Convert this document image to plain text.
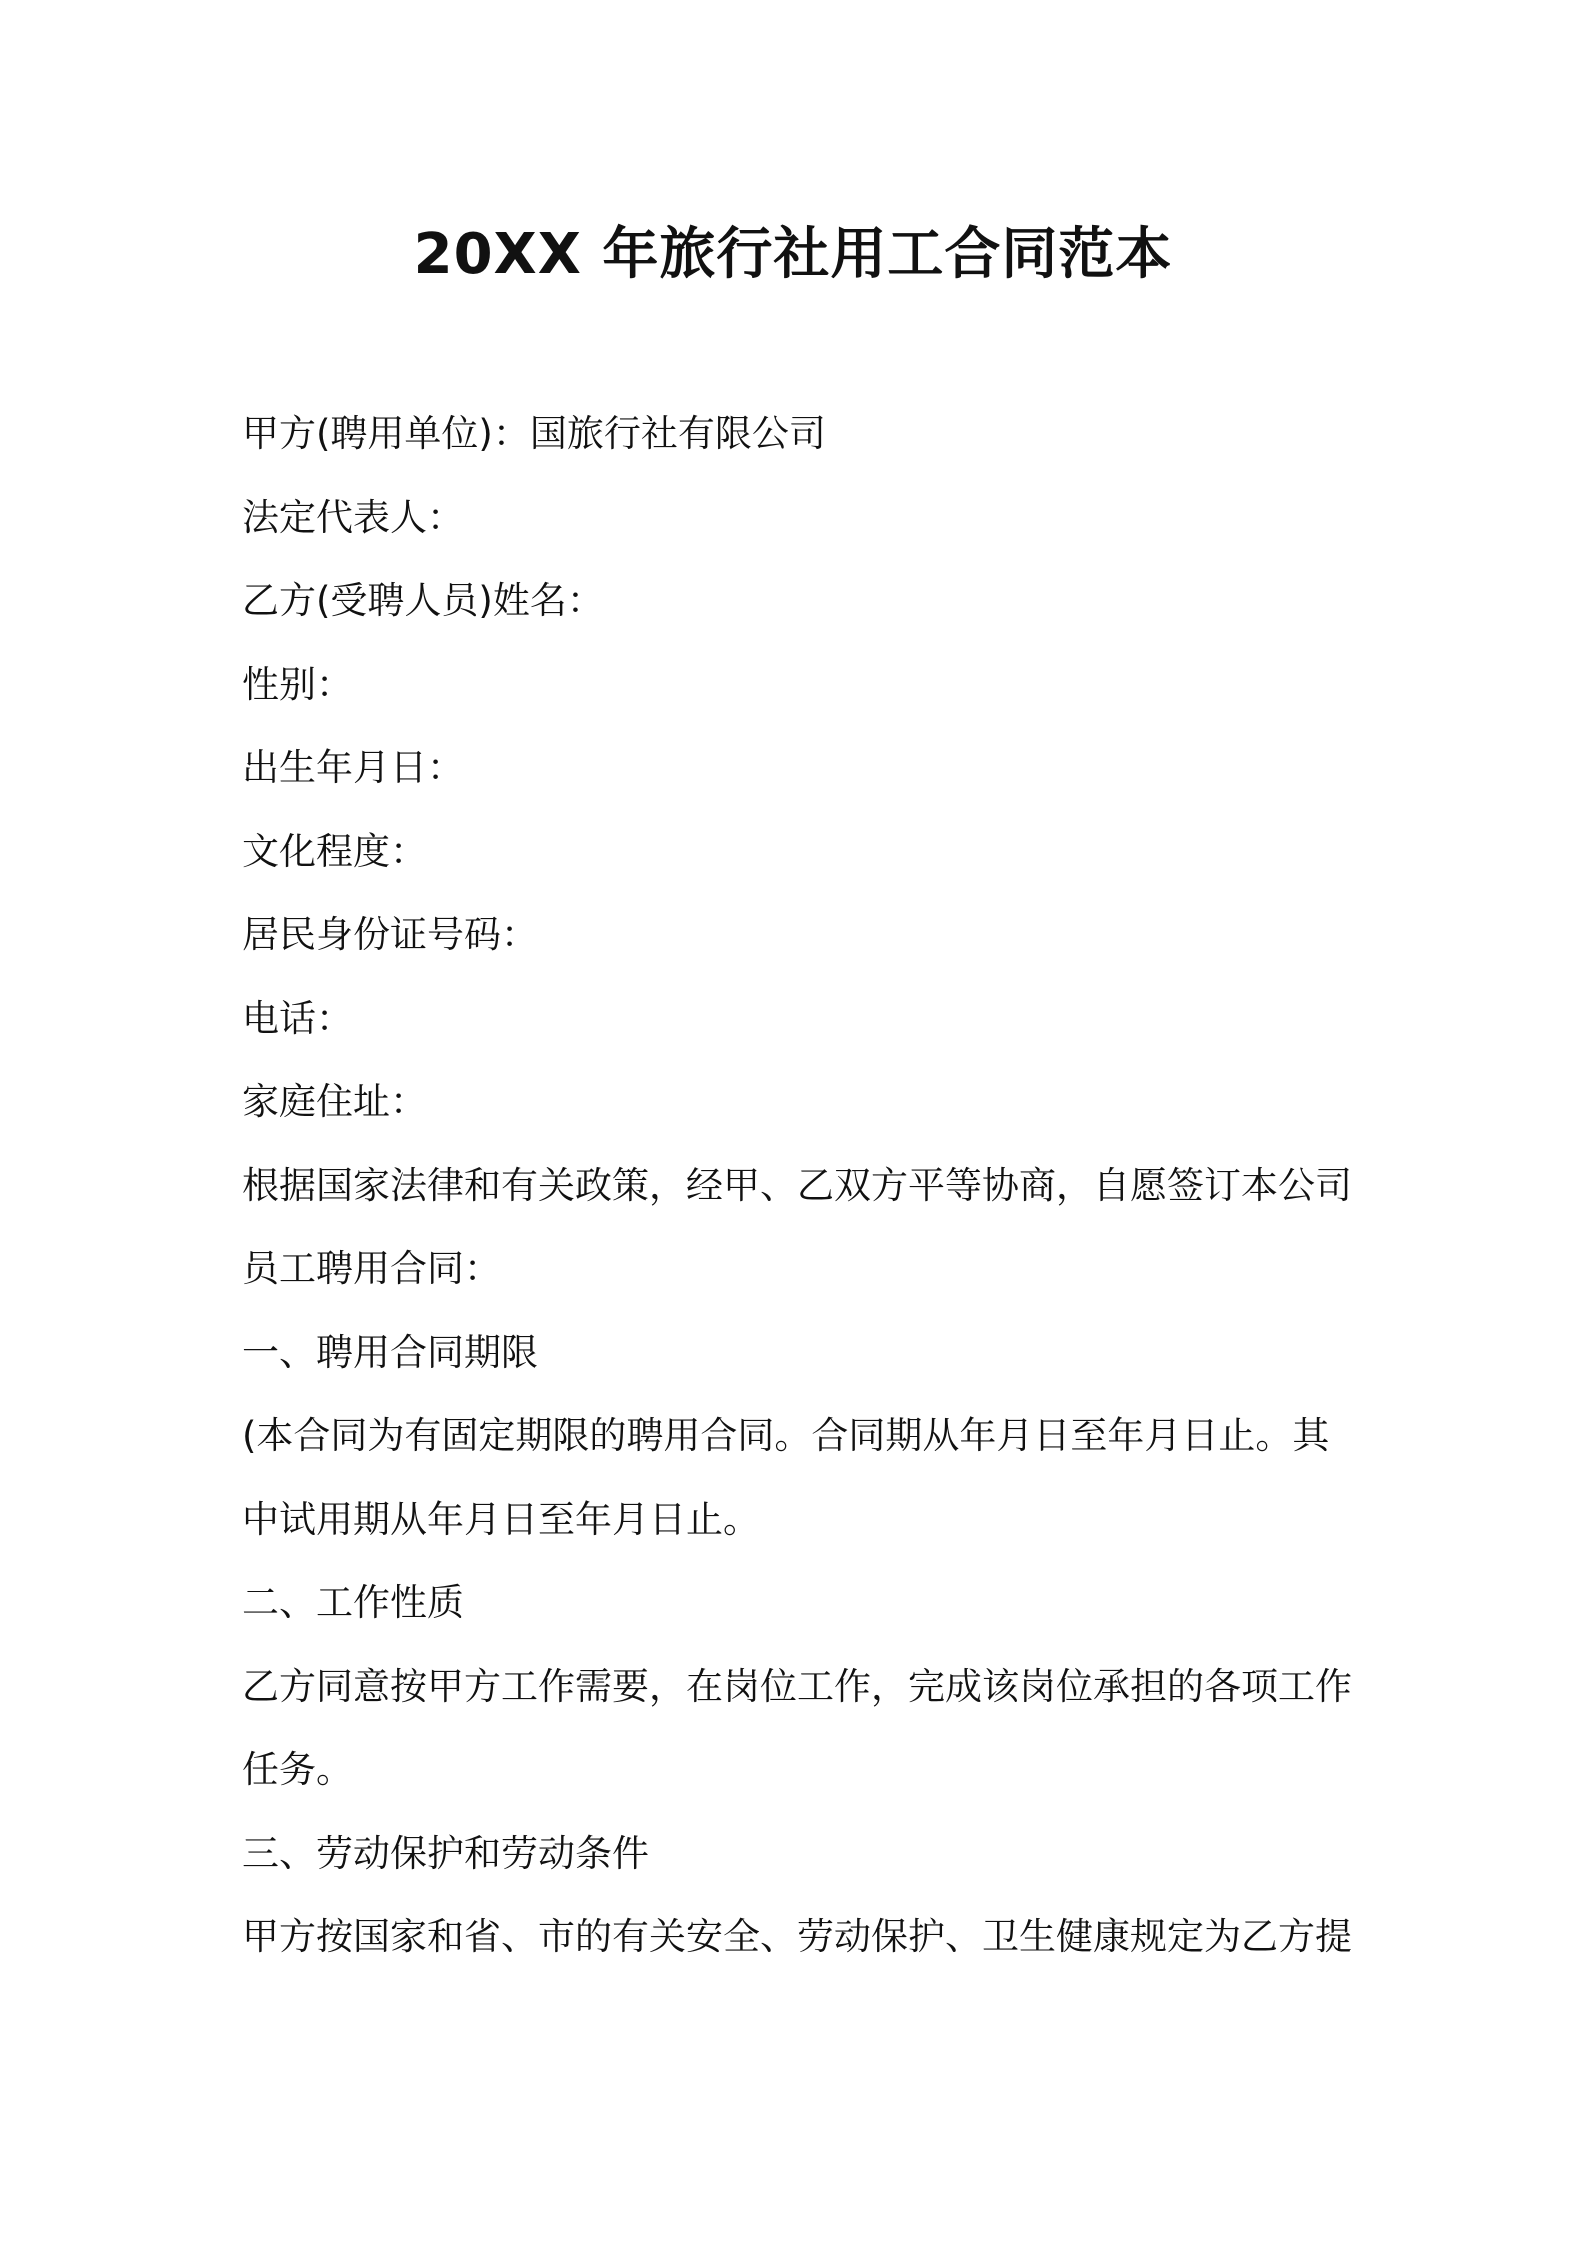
20XX 年旅行社用工合同范本
甲方(聘用单位)：国旅行社有限公司
法定代表人：
乙方(受聘人员)姓名：
性别：
出生年月日：
文化程度：
居民身份证号码：
电话：
家庭住址：
根据国家法律和有关政策，经甲、乙双方平等协商，自愿签订本公司
员工聘用合同：
一、聘用合同期限
(本合同为有固定期限的聘用合同。合同期从年月日至年月日止。其
中试用期从年月日至年月日止。
二、工作性质
乙方同意按甲方工作需要，在岗位工作，完成该岗位承担的各项工作
任务。
三、劳动保护和劳动条件
甲方按国家和省、市的有关安全、劳动保护、卫生健康规定为乙方提
